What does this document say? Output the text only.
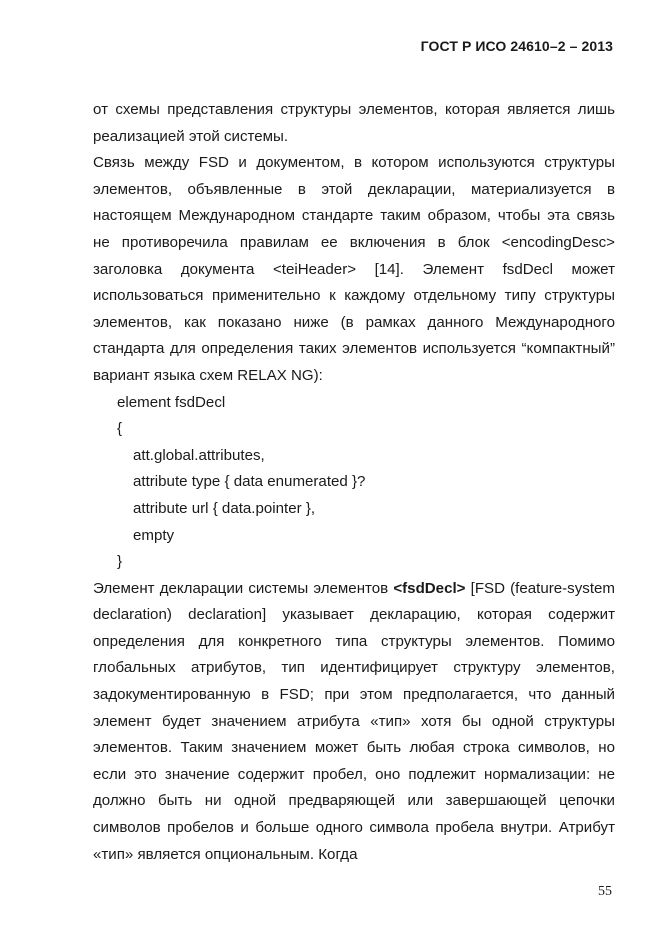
ГОСТ Р ИСО 24610–2 – 2013

от схемы представления структуры элементов, которая является лишь реализацией этой системы.

Связь между FSD и документом, в котором используются структуры элементов, объявленные в этой декларации, материализуется в настоящем Международном стандарте таким образом, чтобы эта связь не противоречила правилам ее включения в блок <encodingDesc> заголовка документа <teiHeader> [14]. Элемент fsdDecl может использоваться применительно к каждому отдельному типу структуры элементов, как показано ниже (в рамках данного Международного стандарта для определения таких элементов используется “компактный” вариант языка схем RELAX NG):

element fsdDecl
{
att.global.attributes,
attribute type { data enumerated }?
attribute url { data.pointer },
empty
}

Элемент декларации системы элементов <fsdDecl> [FSD (feature-system declaration) declaration] указывает декларацию, которая содержит определения для конкретного типа структуры элементов. Помимо глобальных атрибутов, тип идентифицирует структуру элементов, задокументированную в FSD; при этом предполагается, что данный элемент будет значением атрибута «тип» хотя бы одной структуры элементов. Таким значением может быть любая строка символов, но если это значение содержит пробел, оно подлежит нормализации: не должно быть ни одной предваряющей или завершающей цепочки символов пробелов и больше одного символа пробела внутри. Атрибут «тип» является опциональным. Когда

55
